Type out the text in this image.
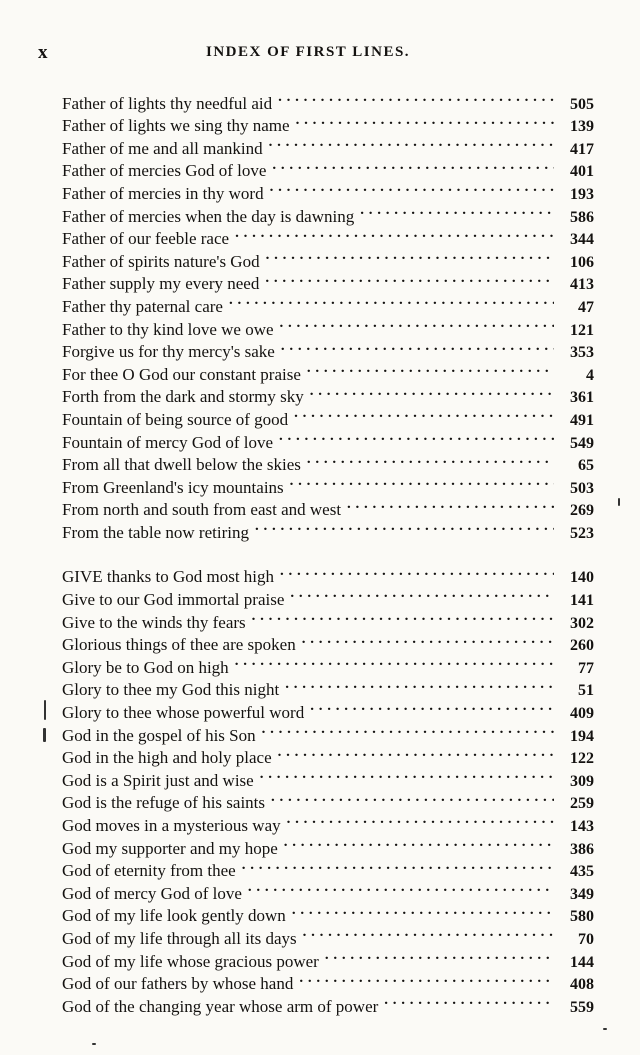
x	INDEX OF FIRST LINES.
Father of lights thy needful aid . . .	505
Father of lights we sing thy name . . .	139
Father of me and all mankind . . .	417
Father of mercies God of love . . .	401
Father of mercies in thy word . . .	193
Father of mercies when the day is dawning . . .	586
Father of our feeble race . . .	344
Father of spirits nature's God . . .	106
Father supply my every need . . .	413
Father thy paternal care . . .	47
Father to thy kind love we owe . . .	121
Forgive us for thy mercy's sake . . .	353
For thee O God our constant praise . . .	4
Forth from the dark and stormy sky . . .	361
Fountain of being source of good . . .	491
Fountain of mercy God of love . . .	549
From all that dwell below the skies . . .	65
From Greenland's icy mountains . . .	503
From north and south from east and west . . .	269
From the table now retiring . . .	523
GIVE thanks to God most high . . .	140
Give to our God immortal praise . . .	141
Give to the winds thy fears . . .	302
Glorious things of thee are spoken . . .	260
Glory be to God on high . . .	77
Glory to thee my God this night . . .	51
Glory to thee whose powerful word . . .	409
God in the gospel of his Son . . .	194
God in the high and holy place . . .	122
God is a Spirit just and wise . . .	309
God is the refuge of his saints . . .	259
God moves in a mysterious way . . .	143
God my supporter and my hope . . .	386
God of eternity from thee . . .	435
God of mercy God of love . . .	349
God of my life look gently down . . .	580
God of my life through all its days . . .	70
God of my life whose gracious power . . .	144
God of our fathers by whose hand . . .	408
God of the changing year whose arm of power . . .	559
